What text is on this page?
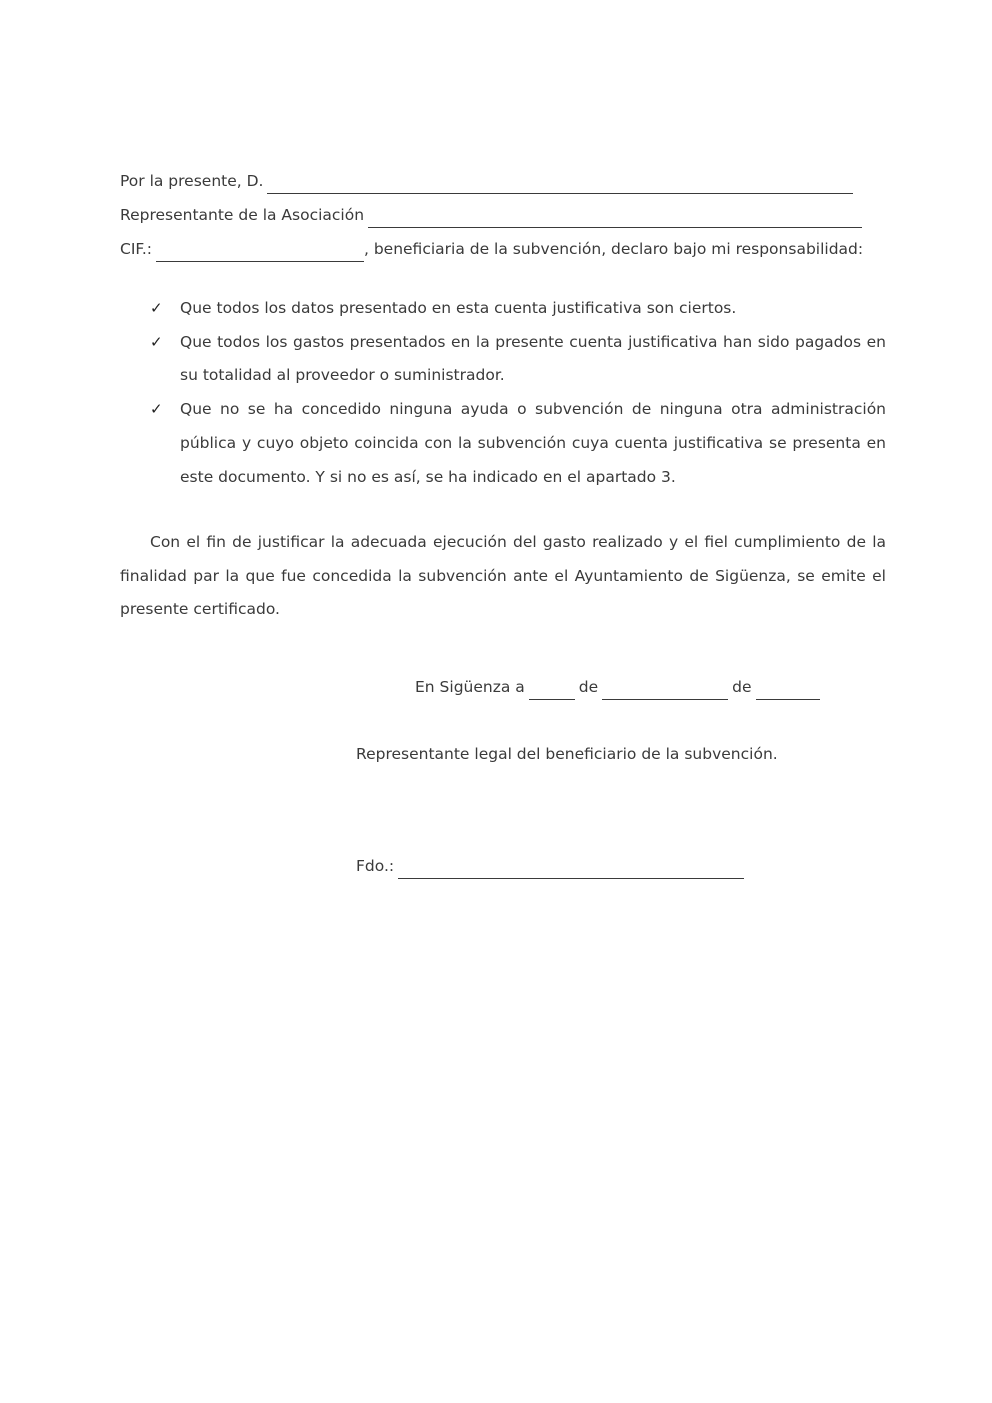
Por la presente, D.
Representante de la Asociación
CIF.:	, beneficiaria de la subvención, declaro bajo mi responsabilidad:
✓	Que todos los datos presentado en esta cuenta justificativa son ciertos.
✓	Que todos los gastos presentados en la presente cuenta justificativa han sido pagados en su totalidad al proveedor o suministrador.
✓	Que no se ha concedido ninguna ayuda o subvención de ninguna otra administración pública y cuyo objeto coincida con la subvención cuya cuenta justificativa se presenta en este documento. Y si no es así, se ha indicado en el apartado 3.

Con el fin de justificar la adecuada ejecución del gasto realizado y el fiel cumplimiento de la finalidad par la que fue concedida la subvención ante el Ayuntamiento de Sigüenza, se emite el presente certificado.

En Sigüenza a	de	de
Representante legal del beneficiario de la subvención.
Fdo.:
